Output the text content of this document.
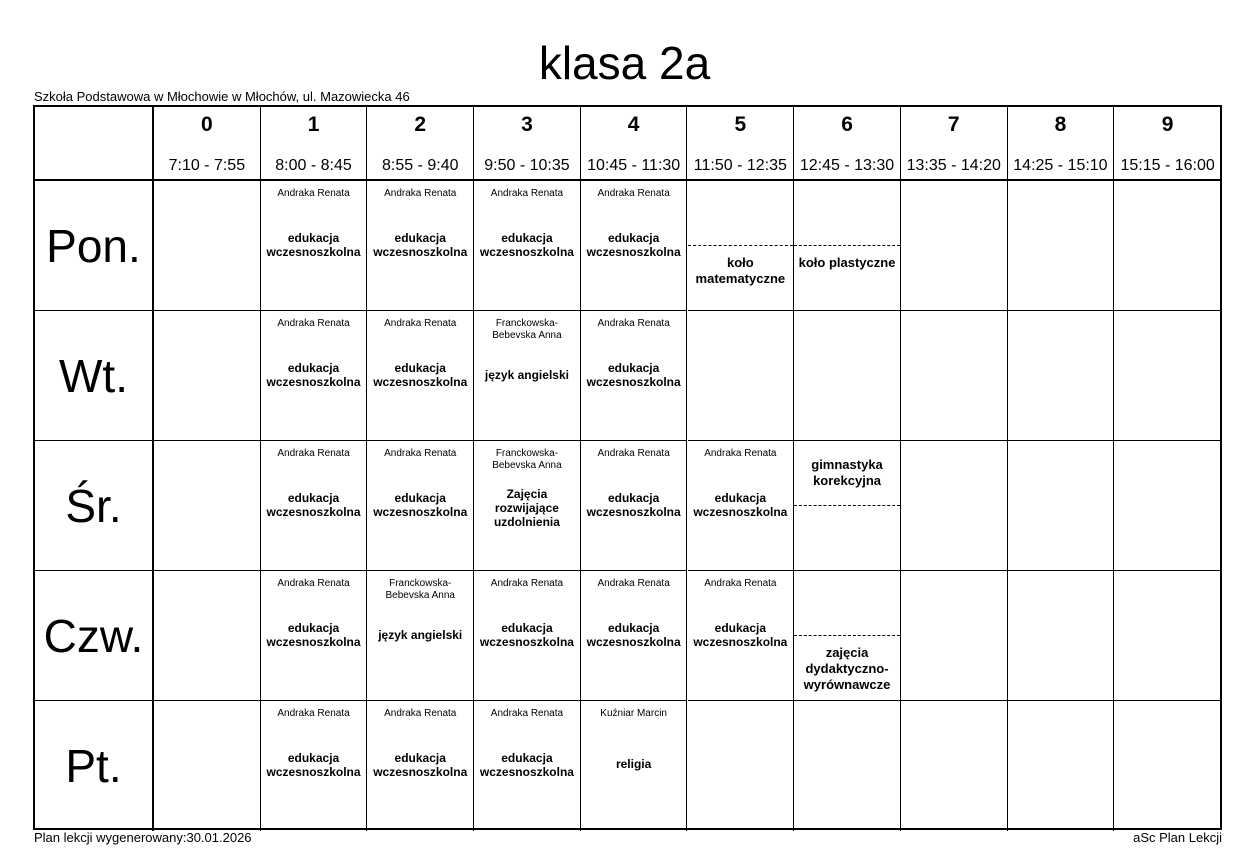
klasa 2a
Szkoła Podstawowa w Młochowie w Młochów, ul. Mazowiecka 46
0
7:10 - 7:55
1
8:00 - 8:45
2
8:55 - 9:40
3
9:50 - 10:35
4
10:45 - 11:30
5
11:50 - 12:35
6
12:45 - 13:30
7
13:35 - 14:20
8
14:25 - 15:10
9
15:15 - 16:00
Pon.
Andraka Renata
edukacja wczesnoszkolna
Andraka Renata
edukacja wczesnoszkolna
Andraka Renata
edukacja wczesnoszkolna
Andraka Renata
edukacja wczesnoszkolna
koło matematyczne
koło plastyczne
Wt.
Andraka Renata
edukacja wczesnoszkolna
Andraka Renata
edukacja wczesnoszkolna
Franckowska-Bebevska Anna
język angielski
Andraka Renata
edukacja wczesnoszkolna
Śr.
Andraka Renata
edukacja wczesnoszkolna
Andraka Renata
edukacja wczesnoszkolna
Franckowska-Bebevska Anna
Zajęcia rozwijające uzdolnienia
Andraka Renata
edukacja wczesnoszkolna
Andraka Renata
edukacja wczesnoszkolna
gimnastyka korekcyjna
Czw.
Andraka Renata
edukacja wczesnoszkolna
Franckowska-Bebevska Anna
język angielski
Andraka Renata
edukacja wczesnoszkolna
Andraka Renata
edukacja wczesnoszkolna
Andraka Renata
edukacja wczesnoszkolna
zajęcia dydaktyczno-wyrównawcze
Pt.
Andraka Renata
edukacja wczesnoszkolna
Andraka Renata
edukacja wczesnoszkolna
Andraka Renata
edukacja wczesnoszkolna
Kuźniar Marcin
religia
Plan lekcji wygenerowany:30.01.2026	aSc Plan Lekcji
